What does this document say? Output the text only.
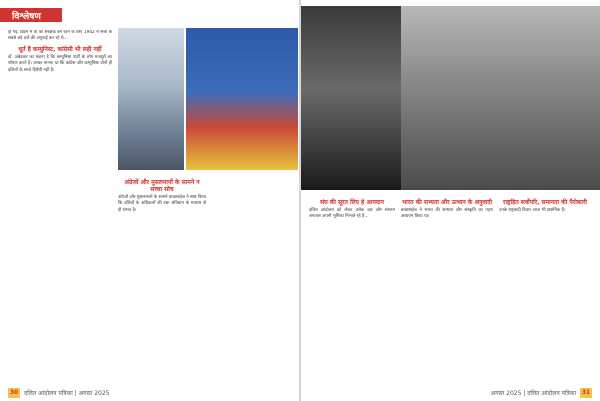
विश्लेषण

हो गई, ब्रिटेन में वो का संरक्षक बने रहने के लिए 1942 में सत्ता के सबसे बड़े दर्जे की अगुवाई कर रहे थे...

धूर्त है कम्युनिस्ट, कांग्रेसी भी सही नहीं

डॉ. अंबेडकर का कहना है कि कम्युनिस्ट पार्टी के लोग मजदूरों का शोषण करते हैं। उनका मानना था कि कांग्रेस और कम्युनिस्ट दोनों ही दलितों के सच्चे हितैषी नहीं हैं।

अंग्रेजों और मुसलमानों के सामने न सच्चा सोच

अंग्रेजों और मुसलमानों के सामने बाबासाहेब ने स्पष्ट किया कि दलितों के अधिकारों की रक्षा संविधान के माध्यम से ही संभव है।

30 दलित आंदोलन पत्रिका | अगस्त 2025
संघ की सूरत लिए हे आपदान

दलित आंदोलन को लेकर अनेक दल और संगठन लगातार अपनी भूमिका निभाते रहे हैं...

भारत की सभ्यता और उत्थान के अनुवादी

बाबासाहेब ने भारत की सभ्यता और संस्कृति का गहरा अध्ययन किया था।

राष्ट्रहित सर्वोपरि, समानता की पैरोकारी

उनके राष्ट्रवादी विचार आज भी प्रासंगिक हैं।

31
अगस्त 2025 | दलित आंदोलन पत्रिका
